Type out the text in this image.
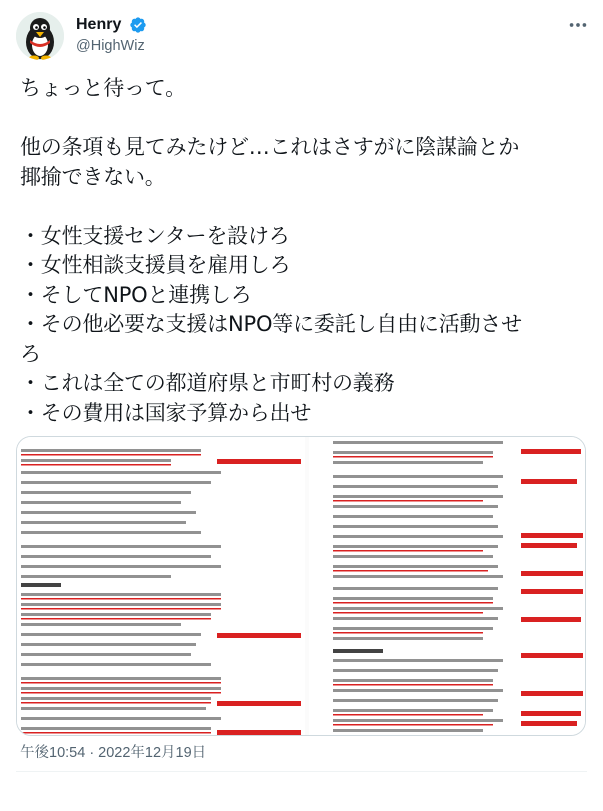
Henry
@HighWiz
ちょっと待って。

他の条項も見てみたけど…これはさすがに陰謀論とか
揶揄できない。

・女性支援センターを設けろ
・女性相談支援員を雇用しろ
・そしてNPOと連携しろ
・その他必要な支援はNPO等に委託し自由に活動させ
ろ
・これは全ての都道府県と市町村の義務
・その費用は国家予算から出せ
午後10:54 · 2022年12月19日
